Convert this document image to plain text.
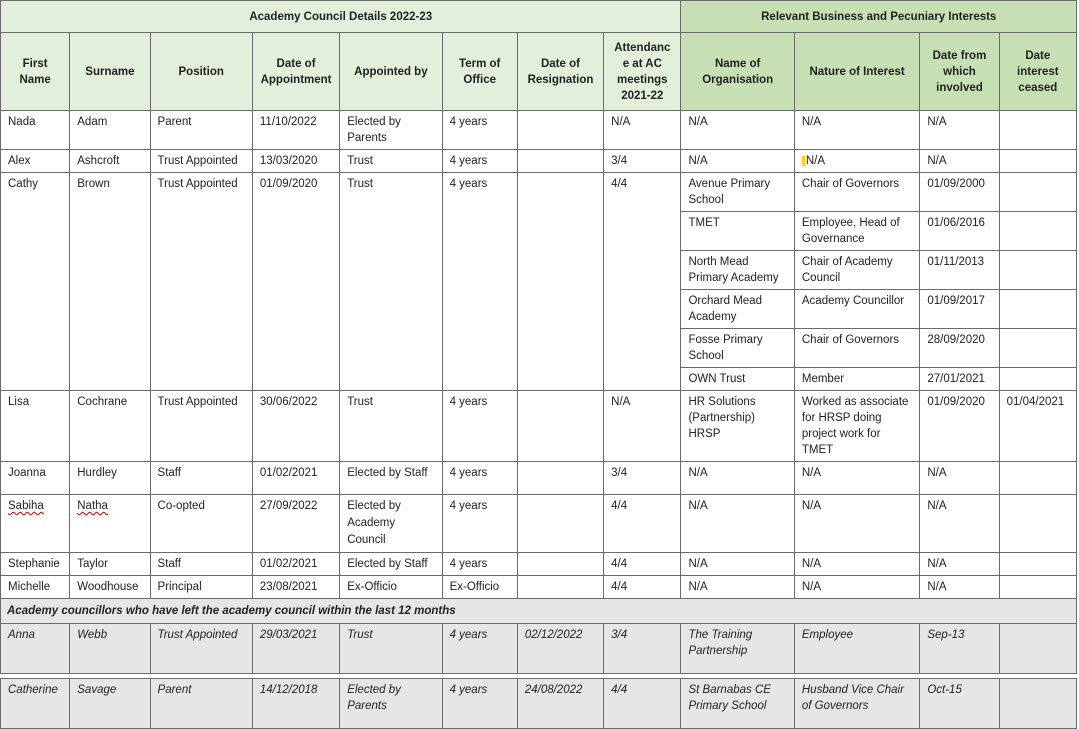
Academy Council Details 2022-23								Relevant Business and Pecuniary Interests			
First Name	Surname	Position	Date of Appointment	Appointed by	Term of Office	Date of Resignation	Attendance at AC meetings 2021-22	Name of Organisation	Nature of Interest	Date from which involved	Date interest ceased
Nada	Adam	Parent	11/10/2022	Elected by Parents	4 years		N/A	N/A	N/A	N/A	
Alex	Ashcroft	Trust Appointed	13/03/2020	Trust	4 years		3/4	N/A	N/A	N/A	
Cathy	Brown	Trust Appointed	01/09/2020	Trust	4 years		4/4	Avenue Primary School	Chair of Governors	01/09/2000	
								TMET	Employee, Head of Governance	01/06/2016	
								North Mead Primary Academy	Chair of Academy Council	01/11/2013	
								Orchard Mead Academy	Academy Councillor	01/09/2017	
								Fosse Primary School	Chair of Governors	28/09/2020	
								OWN Trust	Member	27/01/2021	
Lisa	Cochrane	Trust Appointed	30/06/2022	Trust	4 years		N/A	HR Solutions (Partnership) HRSP	Worked as associate for HRSP doing project work for TMET	01/09/2020	01/04/2021
Joanna	Hurdley	Staff	01/02/2021	Elected by Staff	4 years		3/4	N/A	N/A	N/A	
Sabiha	Natha	Co-opted	27/09/2022	Elected by Academy Council	4 years		4/4	N/A	N/A	N/A	
Stephanie	Taylor	Staff	01/02/2021	Elected by Staff	4 years		4/4	N/A	N/A	N/A	
Michelle	Woodhouse	Principal	23/08/2021	Ex-Officio	Ex-Officio		4/4	N/A	N/A	N/A	
Academy councillors who have left the academy council within the last 12 months											
Anna	Webb	Trust Appointed	29/03/2021	Trust	4 years	02/12/2022	3/4	The Training Partnership	Employee	Sep-13	

Catherine	Savage	Parent	14/12/2018	Elected by Parents	4 years	24/08/2022	4/4	St Barnabas CE Primary School	Husband Vice Chair of Governors	Oct-15	
